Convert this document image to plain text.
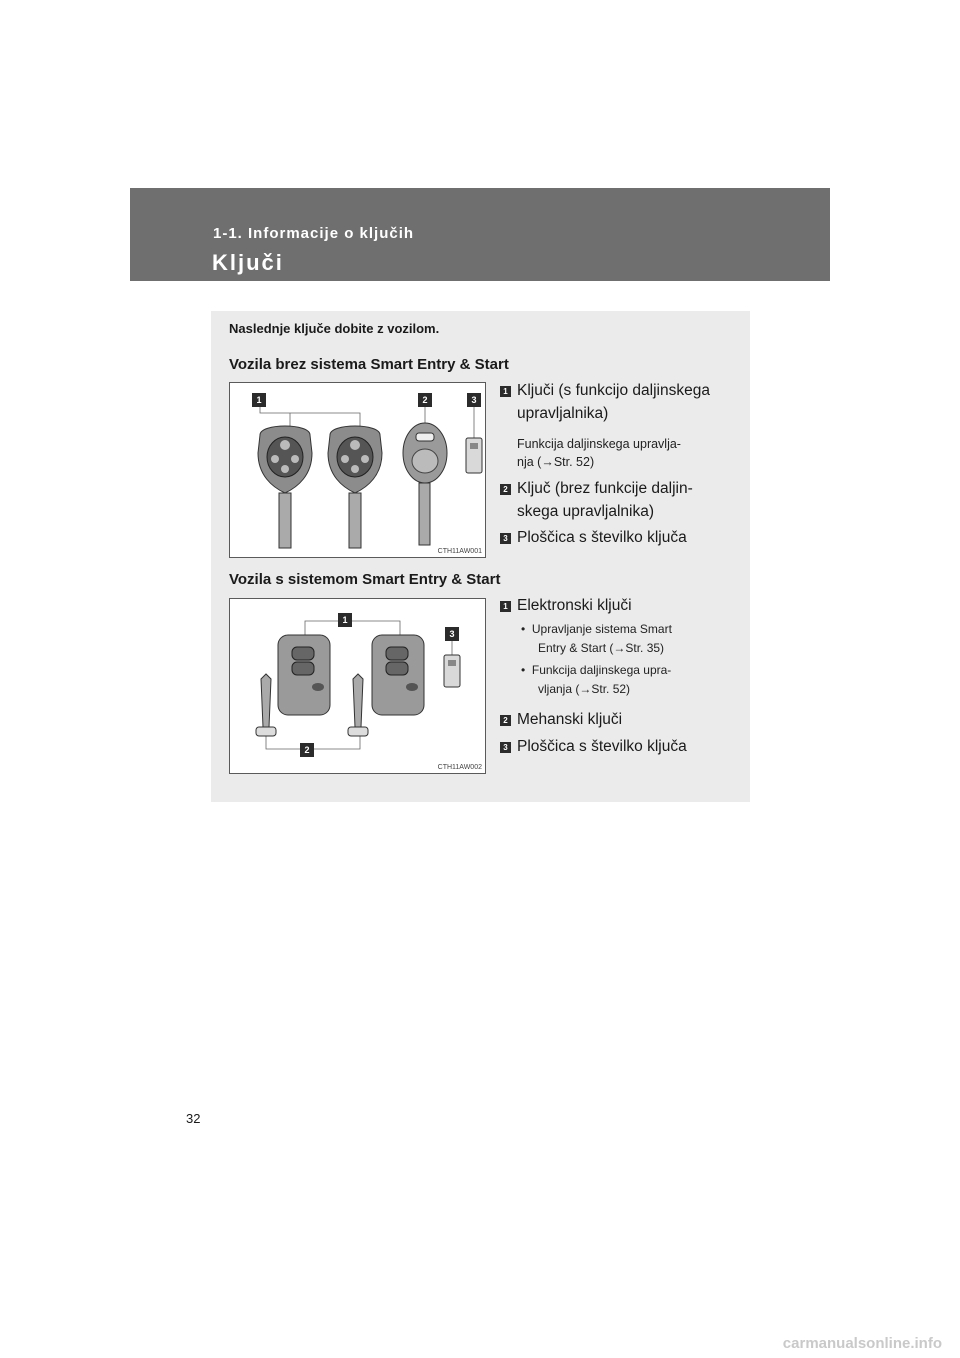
1-1. Informacije o ključih
Ključi
Naslednje ključe dobite z vozilom.
Vozila brez sistema Smart Entry & Start
1	2	3
CTH11AW001
1 Ključi (s funkcijo daljinskega
upravljalnika)
Funkcija daljinskega upravlja-
nja (→Str. 52)
2 Ključ (brez funkcije daljin-
skega upravljalnika)
3 Ploščica s številko ključa
Vozila s sistemom Smart Entry & Start
1
3
2
CTH11AW002
1 Elektronski ključi
• Upravljanje sistema Smart
Entry & Start (→Str. 35)
• Funkcija daljinskega upra-
vljanja (→Str. 52)
2 Mehanski ključi
3 Ploščica s številko ključa
32
carmanualsonline.info
